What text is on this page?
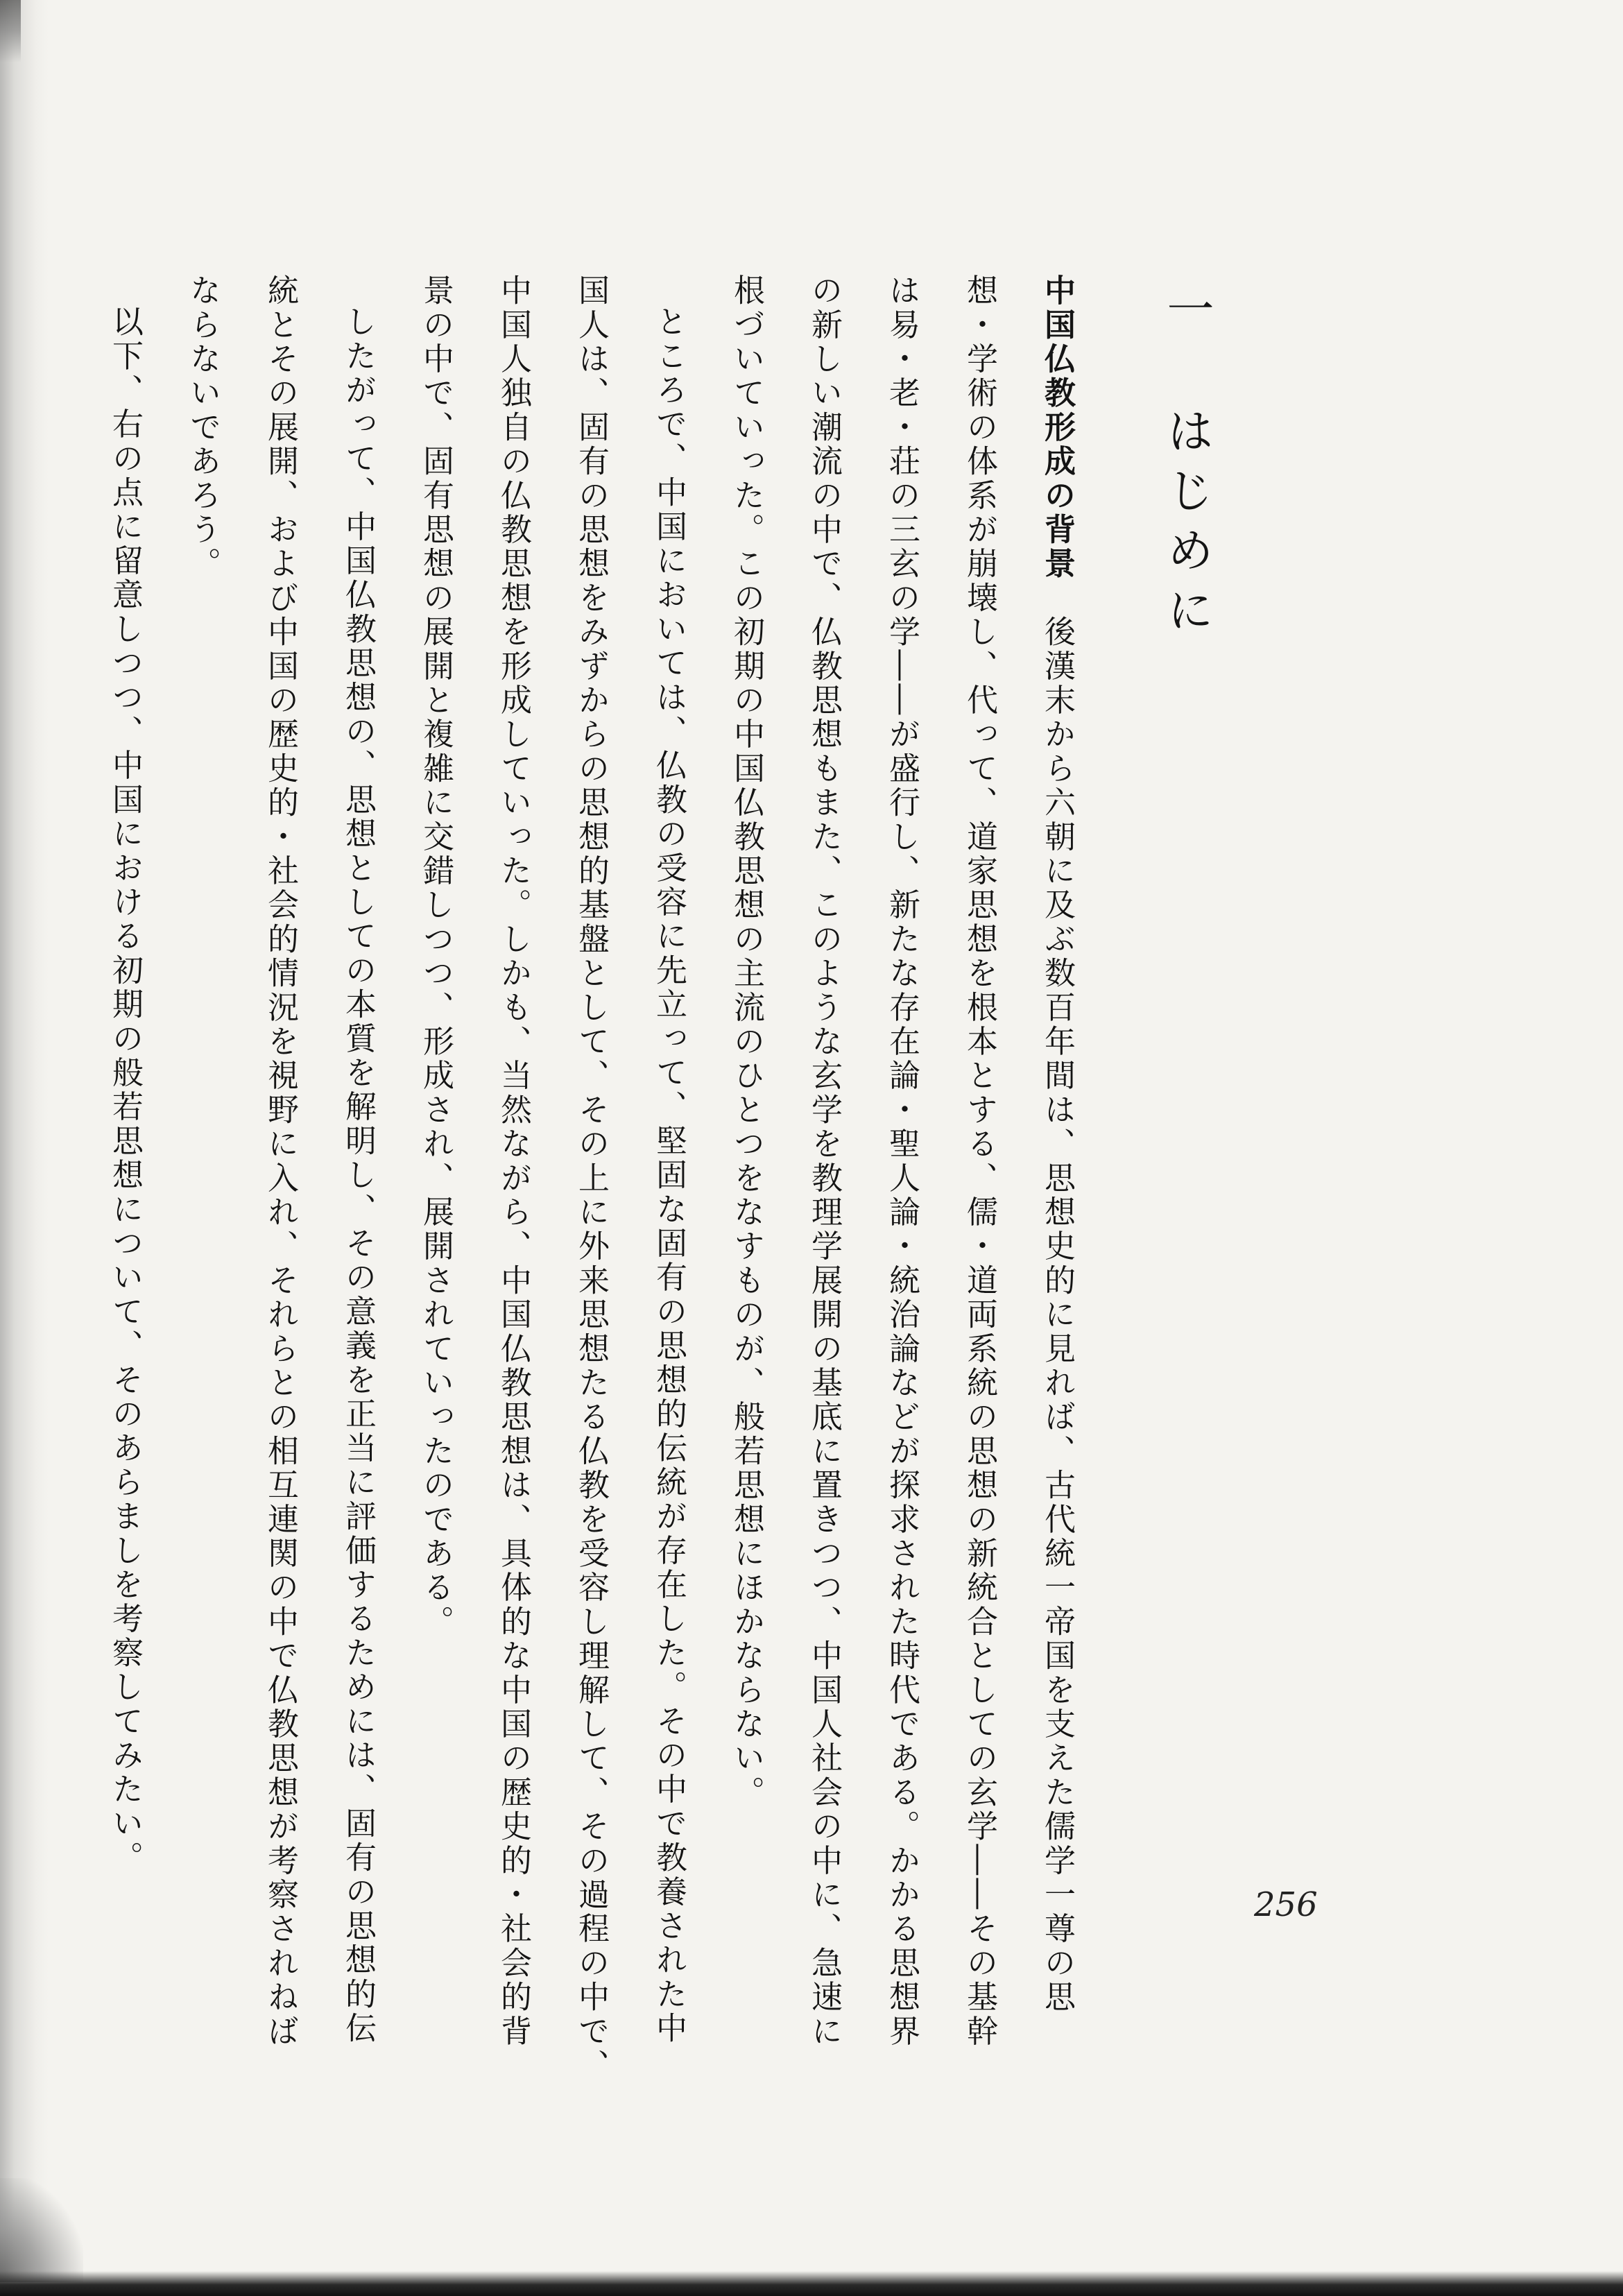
一はじめに
中国仏教形成の背景　後漢末から六朝に及ぶ数百年間は、思想史的に見れば、古代統一帝国を支えた儒学一尊の思
想・学術の体系が崩壊し、代って、道家思想を根本とする、儒・道両系統の思想の新統合としての玄学――その基幹
は易・老・荘の三玄の学――が盛行し、新たな存在論・聖人論・統治論などが探求された時代である。かかる思想界
の新しい潮流の中で、仏教思想もまた、このような玄学を教理学展開の基底に置きつつ、中国人社会の中に、急速に
根づいていった。この初期の中国仏教思想の主流のひとつをなすものが、般若思想にほかならない。
ところで、中国においては、仏教の受容に先立って、堅固な固有の思想的伝統が存在した。その中で教養された中
国人は、固有の思想をみずからの思想的基盤として、その上に外来思想たる仏教を受容し理解して、その過程の中で、
中国人独自の仏教思想を形成していった。しかも、当然ながら、中国仏教思想は、具体的な中国の歴史的・社会的背
景の中で、固有思想の展開と複雑に交錯しつつ、形成され、展開されていったのである。
したがって、中国仏教思想の、思想としての本質を解明し、その意義を正当に評価するためには、固有の思想的伝
統とその展開、および中国の歴史的・社会的情況を視野に入れ、それらとの相互連関の中で仏教思想が考察されねば
ならないであろう。
以下、右の点に留意しつつ、中国における初期の般若思想について、そのあらましを考察してみたい。
256
